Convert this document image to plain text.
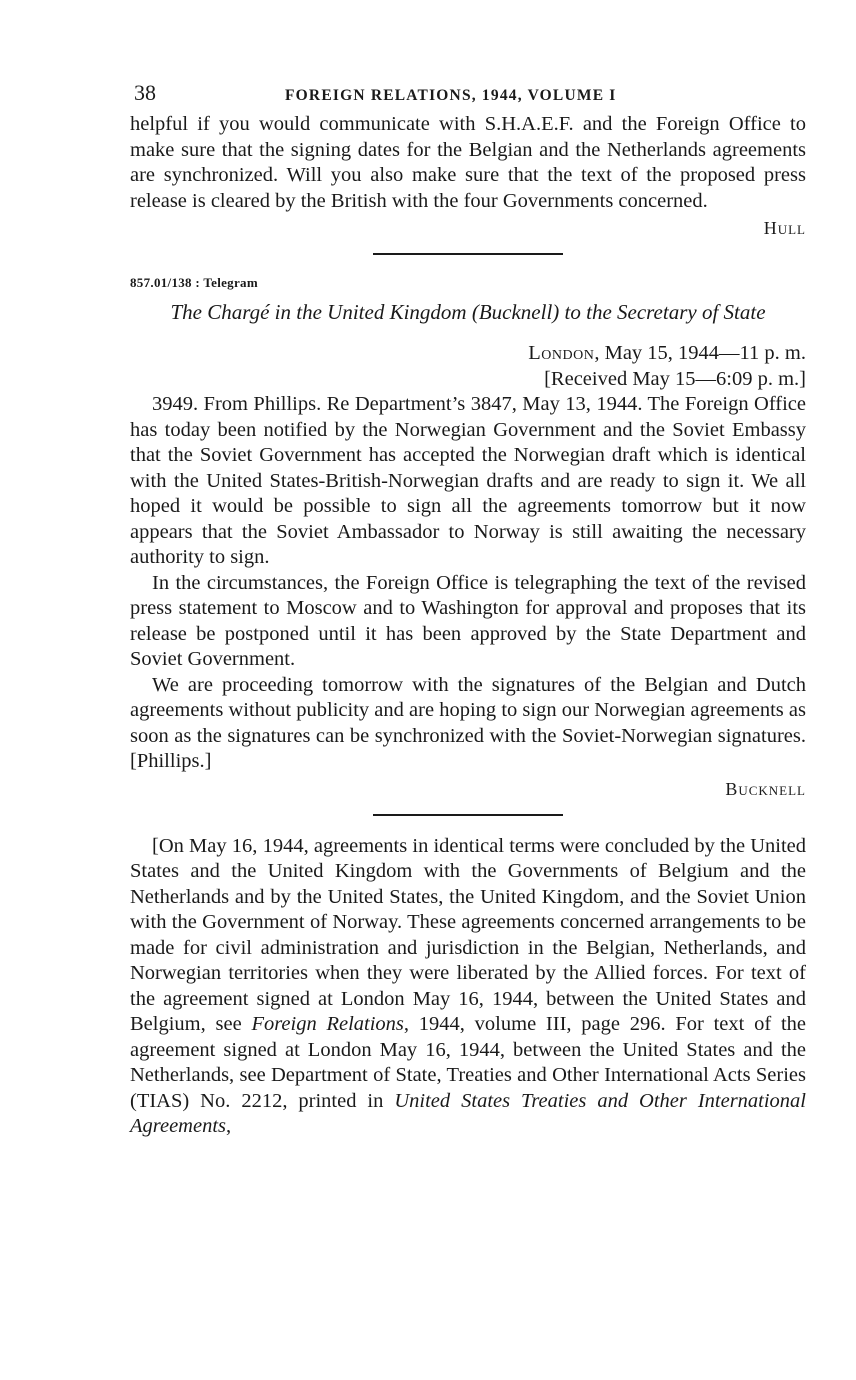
38	FOREIGN RELATIONS, 1944, VOLUME I

helpful if you would communicate with S.H.A.E.F. and the Foreign Office to make sure that the signing dates for the Belgian and the Netherlands agreements are synchronized. Will you also make sure that the text of the proposed press release is cleared by the British with the four Governments concerned.

Hull
857.01/138 : Telegram
The Chargé in the United Kingdom (Bucknell) to the Secretary of State
London, May 15, 1944—11 p. m.
[Received May 15—6:09 p. m.]

3949. From Phillips. Re Department’s 3847, May 13, 1944. The Foreign Office has today been notified by the Norwegian Government and the Soviet Embassy that the Soviet Government has accepted the Norwegian draft which is identical with the United States-British-Norwegian drafts and are ready to sign it. We all hoped it would be possible to sign all the agreements tomorrow but it now appears that the Soviet Ambassador to Norway is still awaiting the necessary authority to sign.

In the circumstances, the Foreign Office is telegraphing the text of the revised press statement to Moscow and to Washington for approval and proposes that its release be postponed until it has been approved by the State Department and Soviet Government.

We are proceeding tomorrow with the signatures of the Belgian and Dutch agreements without publicity and are hoping to sign our Norwegian agreements as soon as the signatures can be synchronized with the Soviet-Norwegian signatures. [Phillips.]

Bucknell

[On May 16, 1944, agreements in identical terms were concluded by the United States and the United Kingdom with the Governments of Belgium and the Netherlands and by the United States, the United Kingdom, and the Soviet Union with the Government of Norway. These agreements concerned arrangements to be made for civil administration and jurisdiction in the Belgian, Netherlands, and Norwegian territories when they were liberated by the Allied forces. For text of the agreement signed at London May 16, 1944, between the United States and Belgium, see Foreign Relations, 1944, volume III, page 296. For text of the agreement signed at London May 16, 1944, between the United States and the Netherlands, see Department of State, Treaties and Other International Acts Series (TIAS) No. 2212, printed in United States Treaties and Other International Agreements,
